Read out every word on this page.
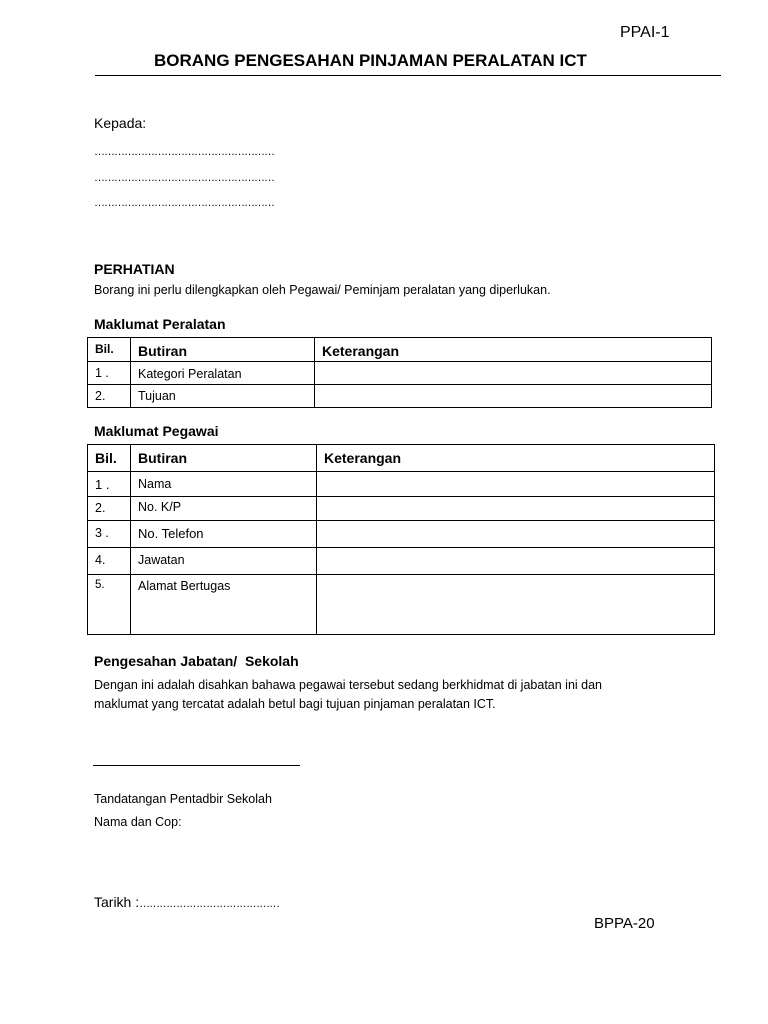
PPAI-1
BORANG PENGESAHAN PINJAMAN PERALATAN ICT
Kepada:
………………………………………………
………………………………………………
………………………………………………
PERHATIAN
Borang ini perlu dilengkapkan oleh Pegawai/ Peminjam peralatan yang diperlukan.
Maklumat Peralatan
Bil.	Butiran	Keterangan
1 .	Kategori Peralatan	
2.	Tujuan	
Maklumat Pegawai
Bil.	Butiran	Keterangan
1 .	Nama	
2.	No. K/P	
3 .	No. Telefon	
4.	Jawatan	
5.	Alamat Bertugas	
Pengesahan Jabatan/  Sekolah
Dengan ini adalah disahkan bahawa pegawai tersebut sedang berkhidmat di jabatan ini dan
maklumat yang tercatat adalah betul bagi tujuan pinjaman peralatan ICT.
Tandatangan Pentadbir Sekolah
Nama dan Cop:
Tarikh :……………………………………
BPPA-20
